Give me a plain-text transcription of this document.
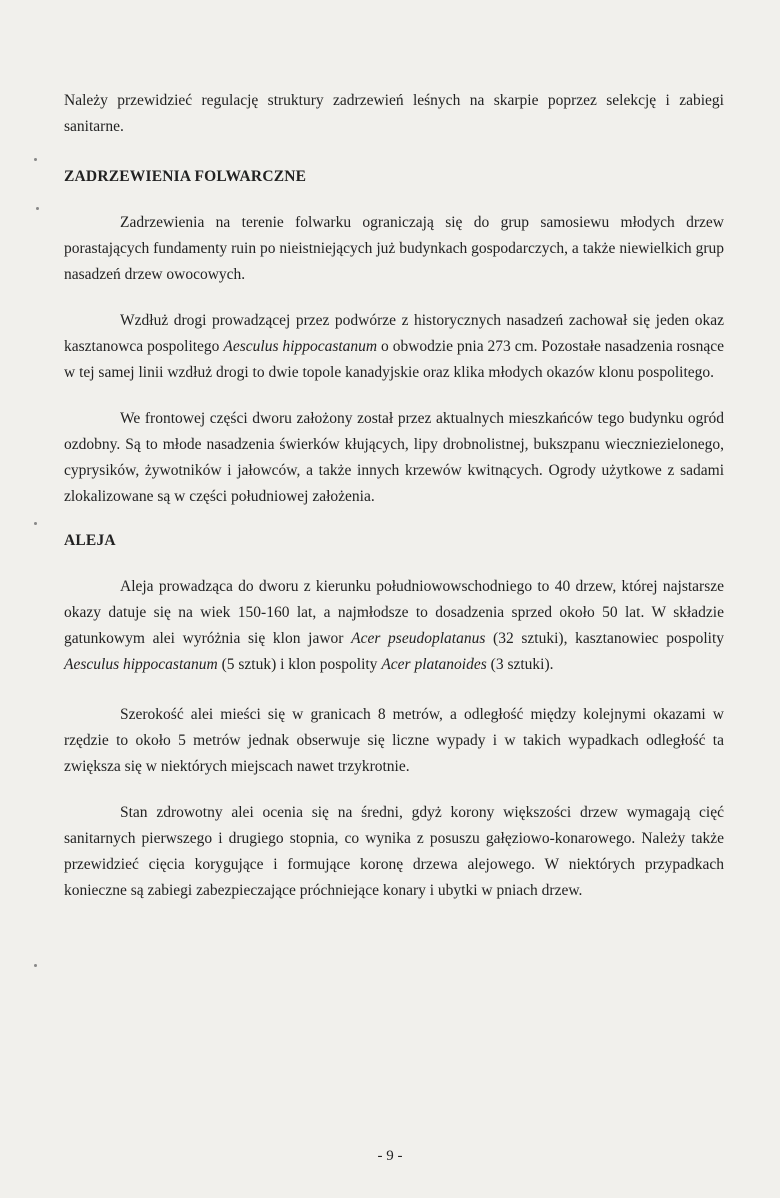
Należy przewidzieć regulację struktury zadrzewień leśnych na skarpie poprzez selekcję i zabiegi sanitarne.

ZADRZEWIENIA FOLWARCZNE

Zadrzewienia na terenie folwarku ograniczają się do grup samosiewu młodych drzew porastających fundamenty ruin po nieistniejących już budynkach gospodarczych, a także niewielkich grup nasadzeń drzew owocowych.

Wzdłuż drogi prowadzącej przez podwórze z historycznych nasadzeń zachował się jeden okaz kasztanowca pospolitego Aesculus hippocastanum o obwodzie pnia 273 cm. Pozostałe nasadzenia rosnące w tej samej linii wzdłuż drogi to dwie topole kanadyjskie oraz klika młodych okazów klonu pospolitego.

We frontowej części dworu założony został przez aktualnych mieszkańców tego budynku ogród ozdobny. Są to młode nasadzenia świerków kłujących, lipy drobnolistnej, bukszpanu wieczniezielonego, cyprysików, żywotników i jałowców, a także innych krzewów kwitnących. Ogrody użytkowe z sadami zlokalizowane są w części południowej założenia.

ALEJA

Aleja prowadząca do dworu z kierunku południowowschodniego to 40 drzew, której najstarsze okazy datuje się na wiek 150-160 lat, a najmłodsze to dosadzenia sprzed około 50 lat. W składzie gatunkowym alei wyróżnia się klon jawor Acer pseudoplatanus (32 sztuki), kasztanowiec pospolity Aesculus hippocastanum (5 sztuk) i klon pospolity Acer platanoides (3 sztuki).

Szerokość alei mieści się w granicach 8 metrów, a odległość między kolejnymi okazami w rzędzie to około 5 metrów jednak obserwuje się liczne wypady i w takich wypadkach odległość ta zwiększa się w niektórych miejscach nawet trzykrotnie.

Stan zdrowotny alei ocenia się na średni, gdyż korony większości drzew wymagają cięć sanitarnych pierwszego i drugiego stopnia, co wynika z posuszu gałęziowo-konarowego. Należy także przewidzieć cięcia korygujące i formujące koronę drzewa alejowego. W niektórych przypadkach konieczne są zabiegi zabezpieczające próchniejące konary i ubytki w pniach drzew.

- 9 -
